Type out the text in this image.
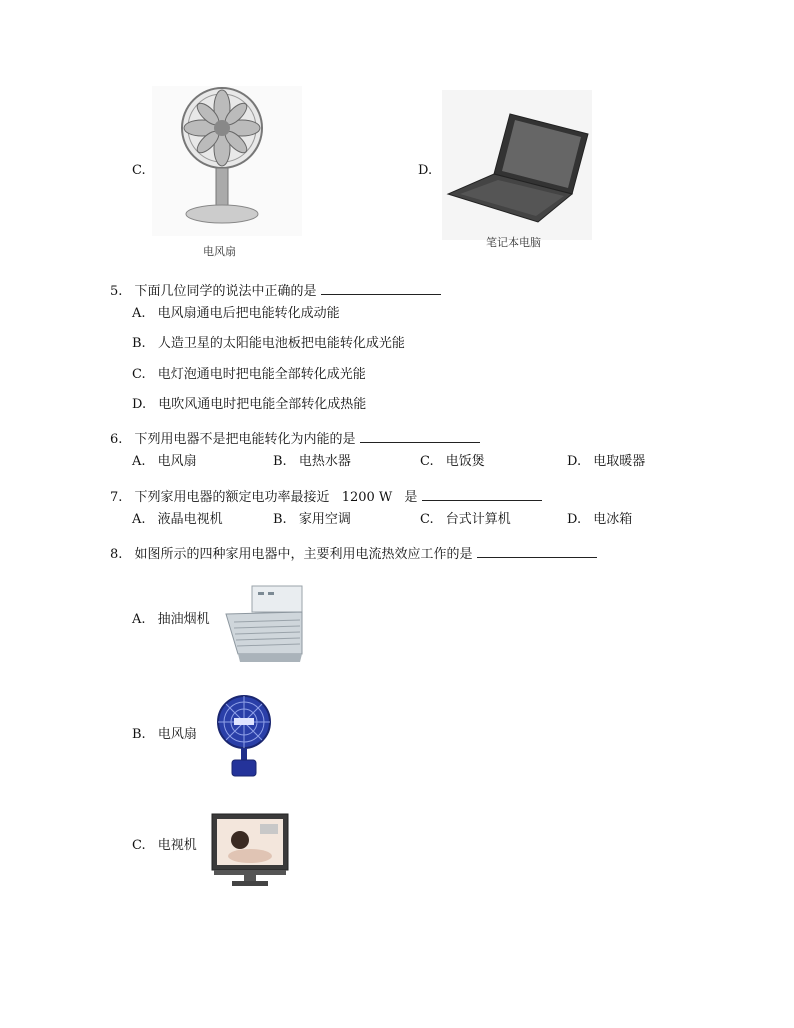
C.
电风扇
D.
笔记本电脑
5. 下面几位同学的说法中正确的是
A. 电风扇通电后把电能转化成动能
B. 人造卫星的太阳能电池板把电能转化成光能
C. 电灯泡通电时把电能全部转化成光能
D. 电吹风通电时把电能全部转化成热能
6. 下列用电器不是把电能转化为内能的是
A. 电风扇	B. 电热水器	C. 电饭煲	D. 电取暖器
7. 下列家用电器的额定电功率最接近 1200 W 是
A. 液晶电视机	B. 家用空调	C. 台式计算机	D. 电冰箱
8. 如图所示的四种家用电器中，主要利用电流热效应工作的是
A. 抽油烟机
B. 电风扇
C. 电视机
